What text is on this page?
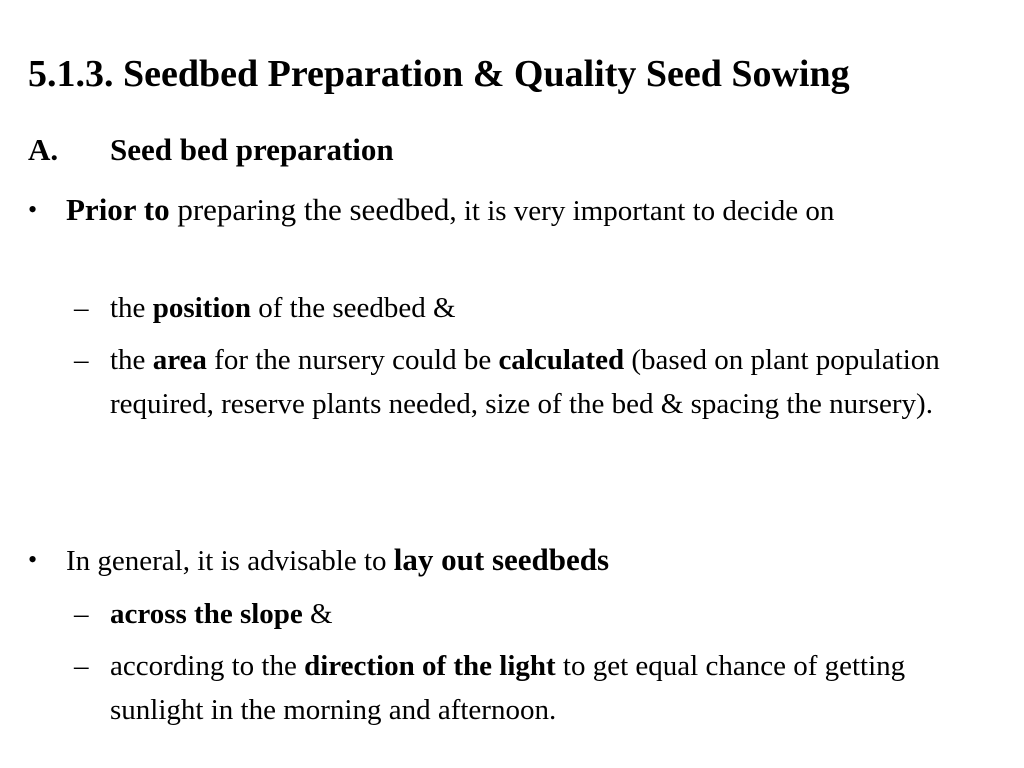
5.1.3. Seedbed Preparation & Quality Seed Sowing
A. Seed bed preparation
• Prior to preparing the seedbed, it is very important to decide on
– the position of the seedbed &
– the area for the nursery could be calculated (based on plant population required, reserve plants needed, size of the bed & spacing the nursery).
• In general, it is advisable to lay out seedbeds
– across the slope &
– according to the direction of the light to get equal chance of getting sunlight in the morning and afternoon.
